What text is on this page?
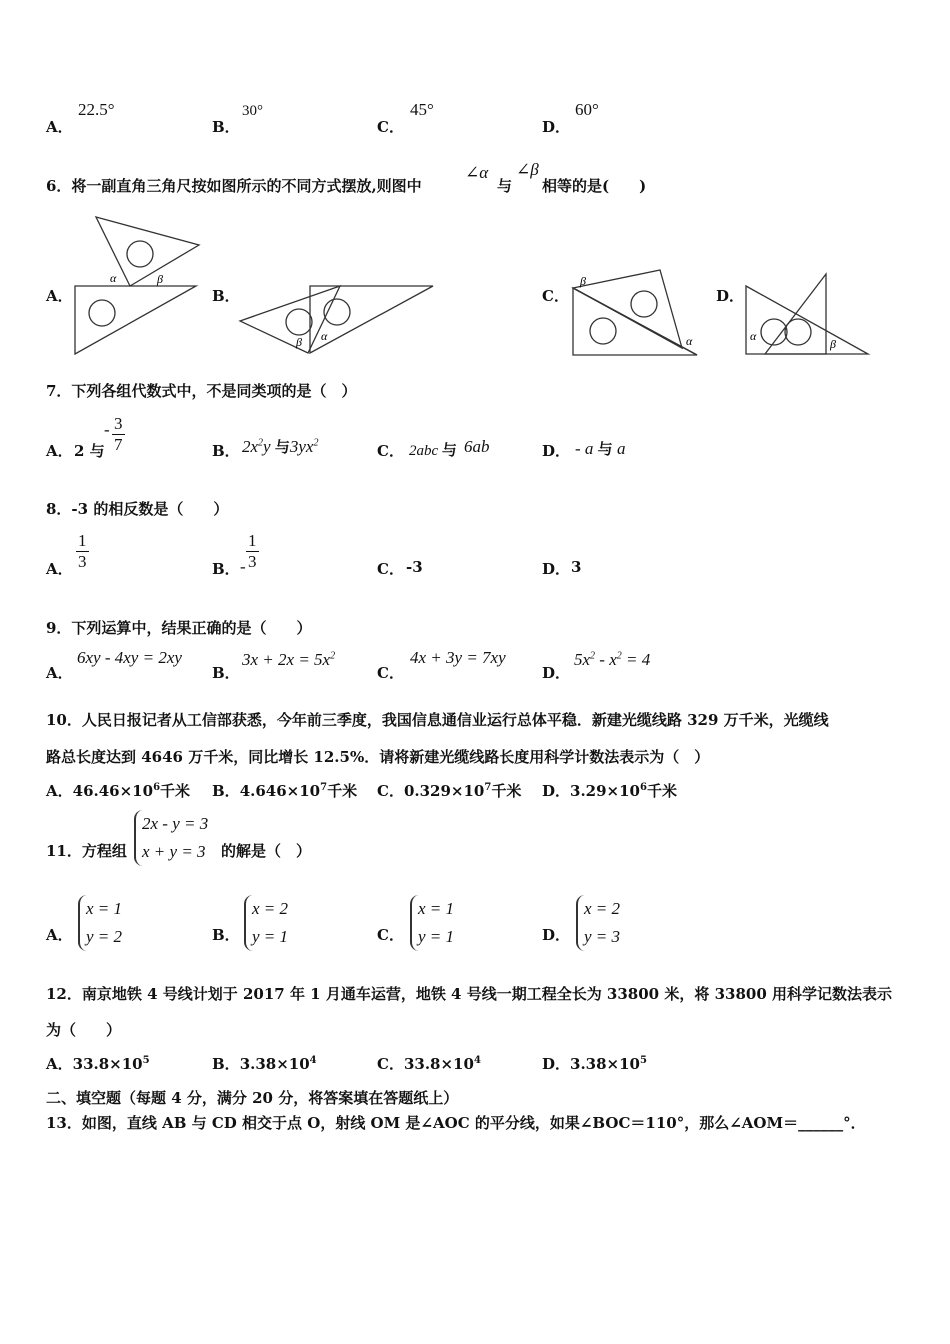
A．
22.5°
B．
30°
C．
45°
D．
60°
6．将一副直角三角尺按如图所示的不同方式摆放,则图中
∠α
与
∠β
相等的是(　　)
A．
α	β
B．
β α
C．
β
α
D．
α
β
7．下列各组代数式中，不是同类项的是（　）
A． 2 与
- $\frac{3}{7}$	B． $2x^2y$ 与$3yx^2$	C． 2abc 与 6ab	D． - a 与 a
8．-3 的相反数是（　　）
A． $\frac{1}{3}$	B． - $\frac{1}{3}$	C． -3	D． 3
9．下列运算中，结果正确的是（　　）
A．
6xy - 4xy = 2xy
B．
$3x + 2x = 5x^2$
C．
4x + 3y = 7xy
D．
$5x^2 - x^2 = 4$
10．人民日报记者从工信部获悉，今年前三季度，我国信息通信业运行总体平稳．新建光缆线路 329 万千米，光缆线
路总长度达到 4646 万千米，同比增长 12.5%．请将新建光缆线路长度用科学计数法表示为（　）
A．$46.46\times 10^6$千米 B．$4.646\times 10^7$千米 C．$0.329\times 10^7$千米 D．$3.29\times 10^6$千米
11．方程组
2x - y = 3
x + y = 3 的解是（　）
A．
x = 1
y = 2	B．
x = 2
y = 1	C．
x = 1
y = 1	D．
x = 2
y = 3
12．南京地铁 4 号线计划于 2017 年 1 月通车运营，地铁 4 号线一期工程全长为 33800 米，将 33800 用科学记数法表示
为（　　）
A．$33.8\times 10^5$	B．$3.38\times 10^4$	C．$33.8\times 10^4$	D．$3.38\times 10^5$
二、填空题（每题 4 分，满分 20 分，将答案填在答题纸上）
13．如图，直线 AB 与 CD 相交于点 O，射线 OM 是∠AOC 的平分线，如果∠BOC＝110°，那么∠AOM＝______°．
